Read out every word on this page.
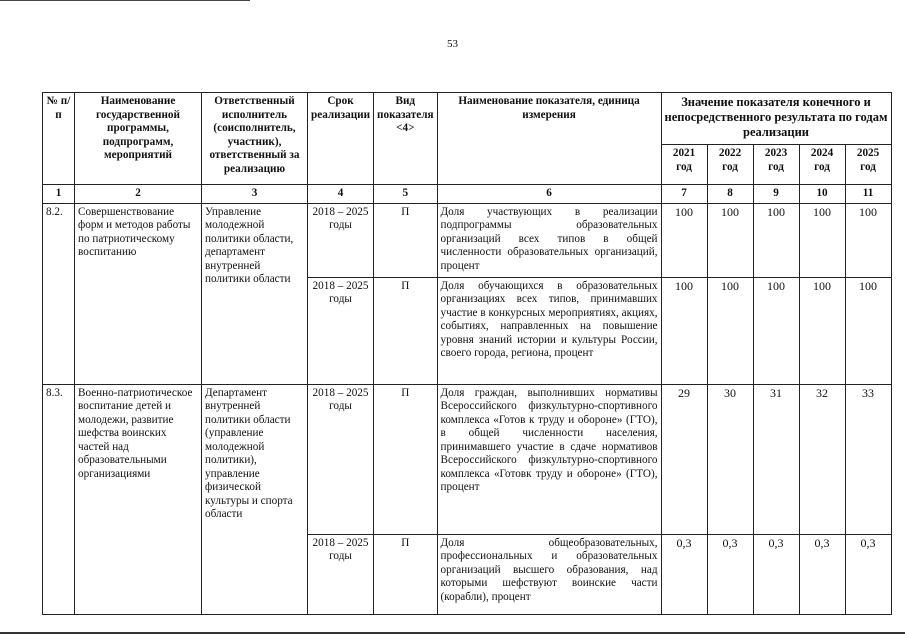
53
№ п/п	Наименование государственной программы, подпрограмм, мероприятий	Ответственный исполнитель (соисполнитель, участник), ответственный за реализацию	Срок реализации	Вид показателя <4>	Наименование показателя, единица измерения	Значение показателя конечного и непосредственного результата по годам реализации				
						2021 год	2022 год	2023 год	2024 год	2025 год
1	2	3	4	5	6	7	8	9	10	11
8.2.	Совершенствование форм и методов работы по патриотическому воспитанию	Управление молодежной политики области, департамент внутренней политики области	2018 – 2025 годы	П	Доля участвующих в реализации подпрограммы образовательных организаций всех типов в общей численности образовательных организаций, процент	100	100	100	100	100
			2018 – 2025 годы	П	Доля обучающихся в образовательных организациях всех типов, принимавших участие в конкурсных мероприятиях, акциях, событиях, направленных на повышение уровня знаний истории и культуры России, своего города, региона, процент	100	100	100	100	100
8.3.	Военно-патриотическое воспитание детей и молодежи, развитие шефства воинских частей над образовательными организациями	Департамент внутренней политики области (управление молодежной политики), управление физической культуры и спорта области	2018 – 2025 годы	П	Доля граждан, выполнивших нормативы Всероссийского физкультурно-спортивного комплекса «Готов к труду и обороне» (ГТО), в общей численности населения, принимавшего участие в сдаче нормативов Всероссийского физкультурно-спортивного комплекса «Готовк труду и обороне» (ГТО), процент	29	30	31	32	33
			2018 – 2025 годы	П	Доля общеобразовательных, профессиональных и образовательных организаций высшего образования, над которыми шефствуют воинские части (корабли), процент	0,3	0,3	0,3	0,3	0,3
